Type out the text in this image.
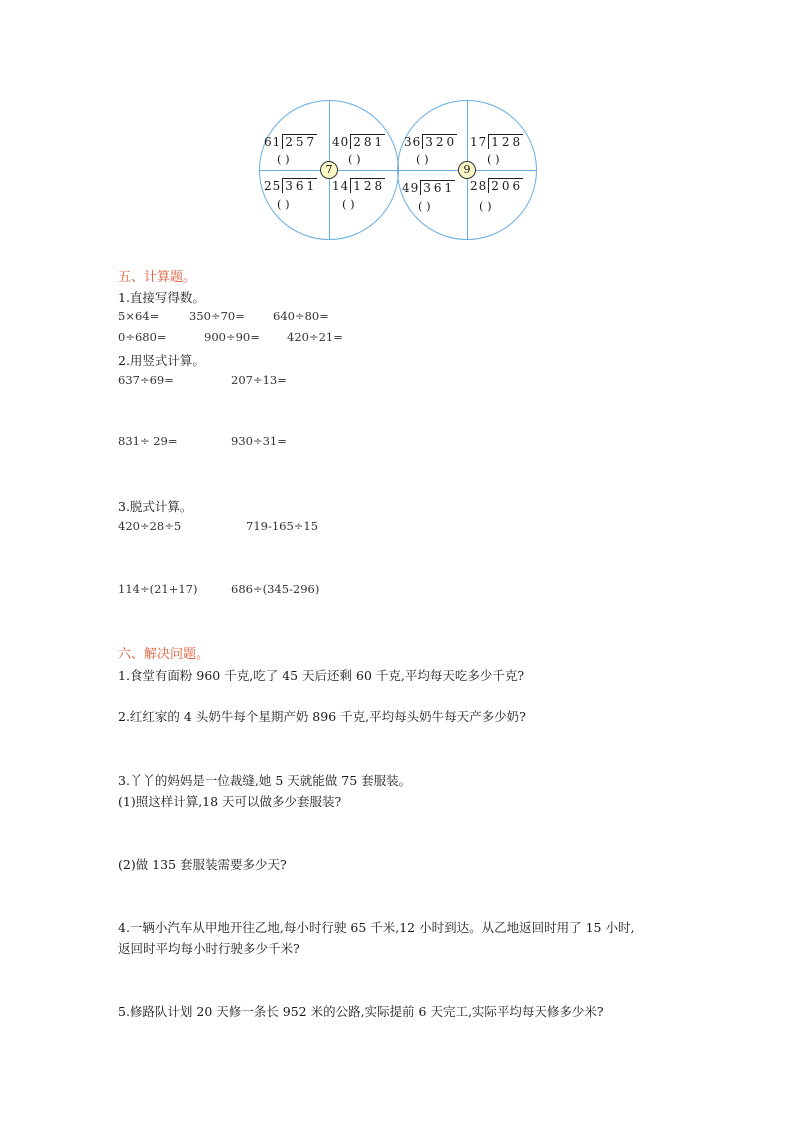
61 257
( )
40 281
( )
25 361
( )
14 128
( )
7
36 320
( )
17 128
( )
49 361
( )
28 206
( )
9
五、计算题。
1.直接写得数。
5×64=	350÷70= 640÷80=
0÷680=	900÷90= 420÷21=
2.用竖式计算。
637÷69=	207÷13=
831÷ 29=	930÷31=
3.脱式计算。
420÷28÷5	719-165÷15
114÷(21+17)	686÷(345-296)
六、解决问题。
1.食堂有面粉 960 千克,吃了 45 天后还剩 60 千克,平均每天吃多少千克?
2.红红家的 4 头奶牛每个星期产奶 896 千克,平均每头奶牛每天产多少奶?
3.丫丫的妈妈是一位裁缝,她 5 天就能做 75 套服装。
(1)照这样计算,18 天可以做多少套服装?
(2)做 135 套服装需要多少天?
4.一辆小汽车从甲地开往乙地,每小时行驶 65 千米,12 小时到达。从乙地返回时用了 15 小时,
返回时平均每小时行驶多少千米?
5.修路队计划 20 天修一条长 952 米的公路,实际提前 6 天完工,实际平均每天修多少米?
